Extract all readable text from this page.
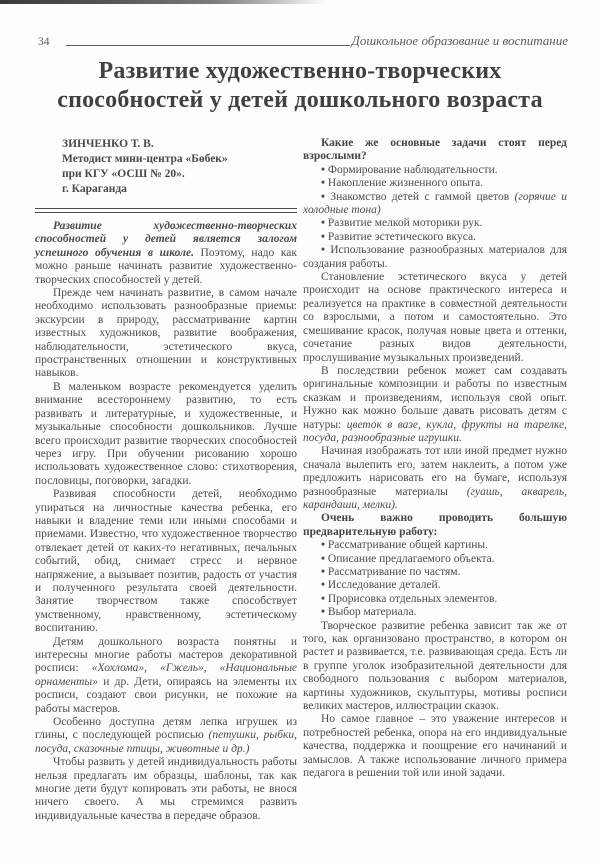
34	Дошкольное образование и воспитание
Развитие художественно-творческих
способностей у детей дошкольного возраста
ЗИНЧЕНКО Т. В.
Методист мини-центра «Бөбек»
при КГУ «ОСШ № 20».
г. Караганда

Развитие художественно-творческих способностей у детей является залогом успешного обучения в школе. Поэтому, надо как можно раньше начинать развитие художественно-творческих способностей у детей.

Прежде чем начинать развитие, в самом начале необходимо использовать разнообразные приемы: экскурсии в природу, рассматривание картин известных художников, развитие воображения, наблюдательности, эстетического вкуса, пространственных отношении и конструктивных навыков.

В маленьком возрасте рекомендуется уделить внимание всестороннему развитию, то есть развивать и литературные, и художественные, и музыкальные способности дошкольников. Лучше всего происходит развитие творческих способностей через игру. При обучении рисованию хорошо использовать художественное слово: стихотворения, пословицы, поговорки, загадки.

Развивая способности детей, необходимо упираться на личностные качества ребенка, его навыки и владение теми или иными способами и приемами. Известно, что художественное творчество отвлекает детей от каких-то негативных, печальных событий, обид, снимает стресс и нервное напряжение, а вызывает позитив, радость от участия и полученного результата своей деятельности. Занятие творчеством также способствует умственному, нравственному, эстетическому воспитанию.

Детям дошкольного возраста понятны и интересны многие работы мастеров декоративной росписи: «Хохлома», «Гжель», «Национальные орнаменты» и др. Дети, опираясь на элементы их росписи, создают свои рисунки, не похожие на работы мастеров.

Особенно доступна детям лепка игрушек из глины, с последующей росписью (петушки, рыбки, посуда, сказочные птицы, животные и др.)

Чтобы развить у детей индивидуальность работы нельзя предлагать им образцы, шаблоны, так как многие дети будут копировать эти работы, не внося ничего своего. А мы стремимся развить индивидуальные качества в передаче образов.

Какие же основные задачи стоят перед взрослыми?

• Формирование наблюдательности.

• Накопление жизненного опыта.

• Знакомство детей с гаммой цветов (горячие и холодные тона)

• Развитие мелкой моторики рук.

• Развитие эстетического вкуса.

• Использование разнообразных материалов для создания работы.

Становление эстетического вкуса у детей происходит на основе практического интереса и реализуется на практике в совместной деятельности со взрослыми, а потом и самостоятельно. Это смешивание красок, получая новые цвета и оттенки, сочетание разных видов деятельности, прослушивание музыкальных произведений.

В последствии ребенок может сам создавать оригинальные композиции и работы по известным сказкам и произведениям, используя свой опыт. Нужно как можно больше давать рисовать детям с натуры: цветок в вазе, кукла, фрукты на тарелке, посуда, разнообразные игрушки.

Начиная изображать тот или иной предмет нужно сначала вылепить его, затем наклеить, а потом уже предложить нарисовать его на бумаге, используя разнообразные материалы (гуашь, акварель, карандаши, мелки).

Очень важно проводить большую предварительную работу:

• Рассматривание общей картины.

• Описание предлагаемого объекта.

• Рассматривание по частям.

• Исследование деталей.

• Прорисовка отдельных элементов.

• Выбор материала.

Творческое развитие ребенка зависит так же от того, как организовано пространство, в котором он растет и развивается, т.е. развивающая среда. Есть ли в группе уголок изобразительной деятельности для свободного пользования с выбором материалов, картины художников, скульптуры, мотивы росписи великих мастеров, иллюстрации сказок.

Но самое главное – это уважение интересов и потребностей ребенка, опора на его индивидуальные качества, поддержка и поощрение его начинаний и замыслов. А также использование личного примера педагога в решении той или иной задачи.
